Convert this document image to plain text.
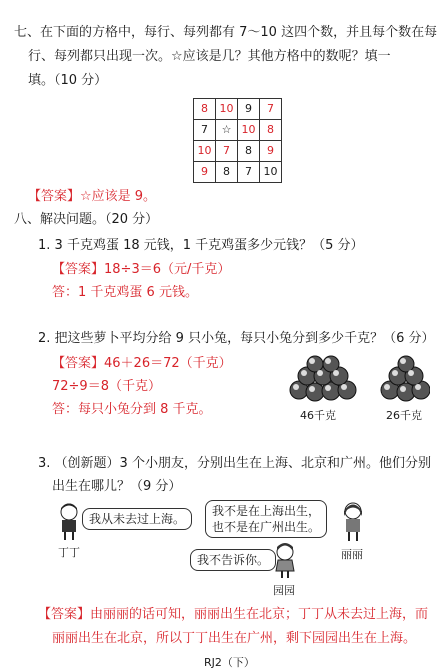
七、在下面的方格中，每行、每列都有 7～10 这四个数，并且每个数在每
行、每列都只出现一次。☆应该是几？其他方格中的数呢？填一
填。（10 分）
8	10	9	7
7	☆	10	8
10	7	8	9
9	8	7	10
【答案】☆应该是 9。
八、解决问题。（20 分）
1. 3 千克鸡蛋 18 元钱，1 千克鸡蛋多少元钱？（5 分）
【答案】18÷3＝6（元/千克）
答：1 千克鸡蛋 6 元钱。
2. 把这些萝卜平均分给 9 只小兔，每只小兔分到多少千克？（6 分）
【答案】46＋26＝72（千克）
72÷9＝8（千克）
答：每只小兔分到 8 千克。	46千克	26千克
3. （创新题）3 个小朋友，分别出生在上海、北京和广州。他们分别
出生在哪儿？（9 分）
我从未去过上海。
丁丁
我不是在上海出生，
也不是在广州出生。
丽丽
我不告诉你。
园园
【答案】由丽丽的话可知，丽丽出生在北京；丁丁从未去过上海，而
丽丽出生在北京，所以丁丁出生在广州，剩下园园出生在上海。
RJ2（下）
